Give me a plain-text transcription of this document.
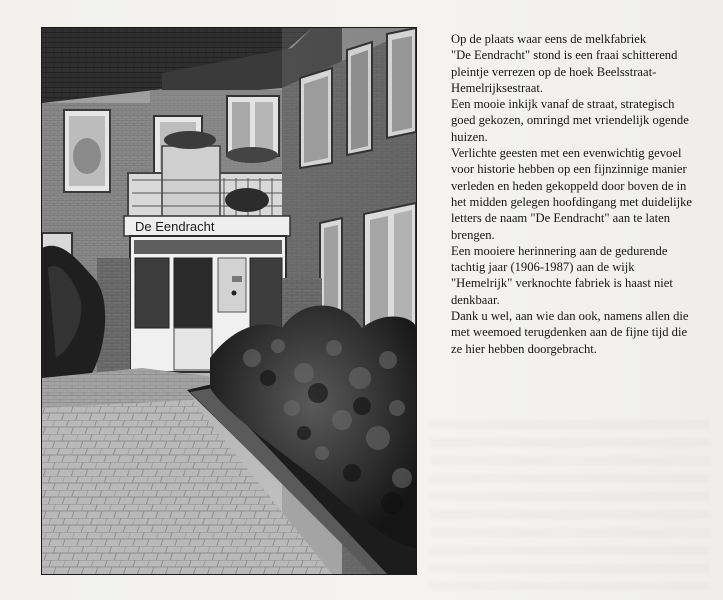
De Eendracht

Op de plaats waar eens de melkfabriek

"De Eendracht" stond is een fraai schitterend

pleintje verrezen op de hoek Beelsstraat-

Hemelrijksestraat.

Een mooie inkijk vanaf de straat, strategisch

goed gekozen, omringd met vriendelijk ogende

huizen.

Verlichte geesten met een evenwichtig gevoel

voor historie hebben op een fijnzinnige manier

verleden en heden gekoppeld door boven de in

het midden gelegen hoofdingang met duidelijke

letters de naam "De Eendracht" aan te laten

brengen.

Een mooiere herinnering aan de gedurende

tachtig jaar (1906-1987) aan de wijk

"Hemelrijk" verknochte fabriek is haast niet

denkbaar.

Dank u wel, aan wie dan ook, namens allen die

met weemoed terugdenken aan de fijne tijd die

ze hier hebben doorgebracht.
